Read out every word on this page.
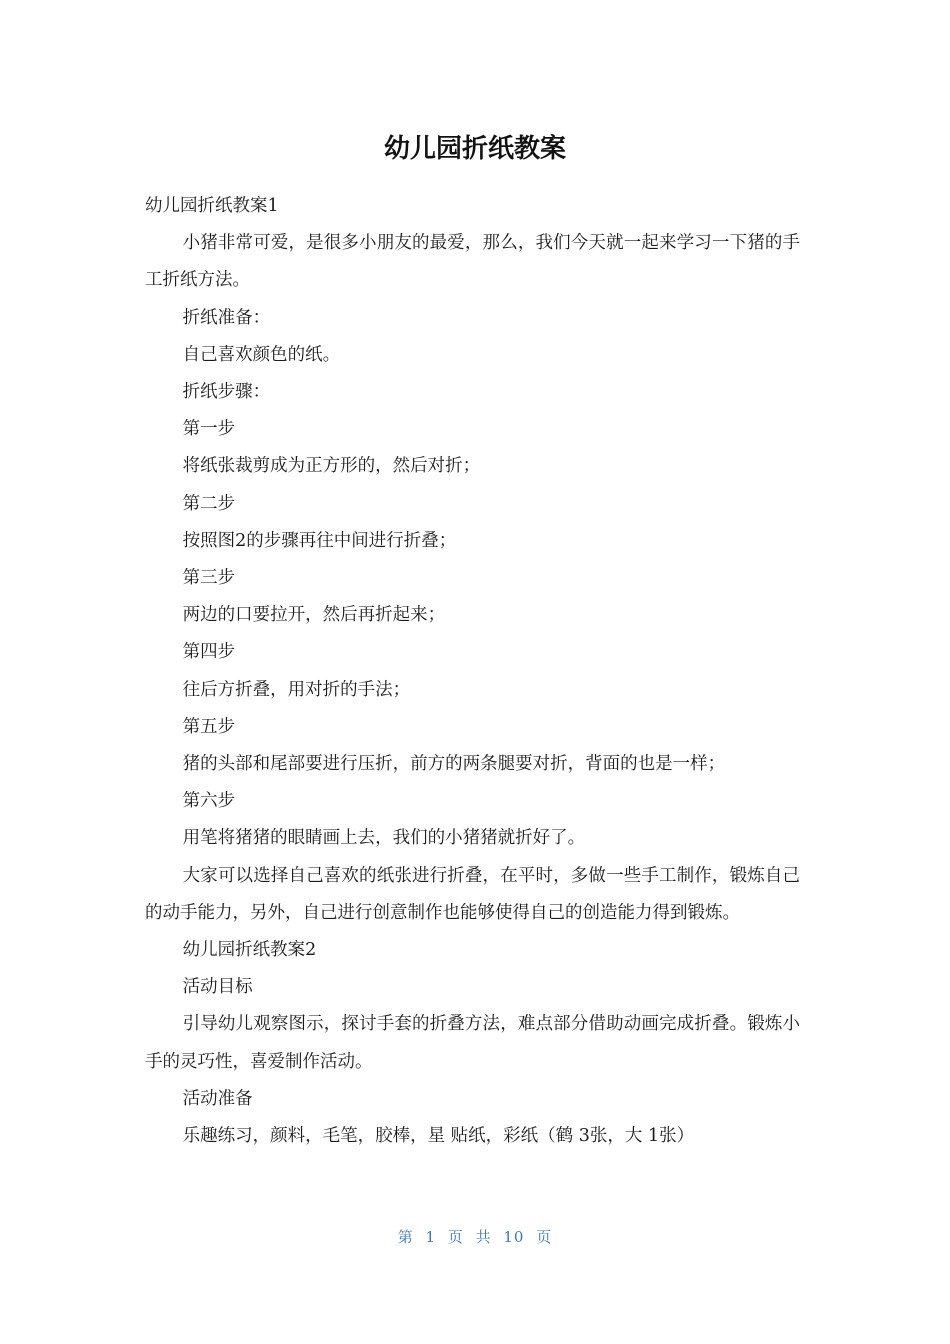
幼儿园折纸教案

幼儿园折纸教案1

小猪非常可爱，是很多小朋友的最爱，那么，我们今天就一起来学习一下猪的手工折纸方法。

折纸准备：

自己喜欢颜色的纸。

折纸步骤：

第一步

将纸张裁剪成为正方形的，然后对折；

第二步

按照图2的步骤再往中间进行折叠；

第三步

两边的口要拉开，然后再折起来；

第四步

往后方折叠，用对折的手法；

第五步

猪的头部和尾部要进行压折，前方的两条腿要对折，背面的也是一样；

第六步

用笔将猪猪的眼睛画上去，我们的小猪猪就折好了。

大家可以选择自己喜欢的纸张进行折叠，在平时，多做一些手工制作，锻炼自己的动手能力，另外，自己进行创意制作也能够使得自己的创造能力得到锻炼。

幼儿园折纸教案2

活动目标

引导幼儿观察图示，探讨手套的折叠方法，难点部分借助动画完成折叠。锻炼小手的灵巧性，喜爱制作活动。

活动准备

乐趣练习，颜料，毛笔，胶棒，星 贴纸，彩纸（鹤 3张，大 1张）

第 1 页 共 10 页
